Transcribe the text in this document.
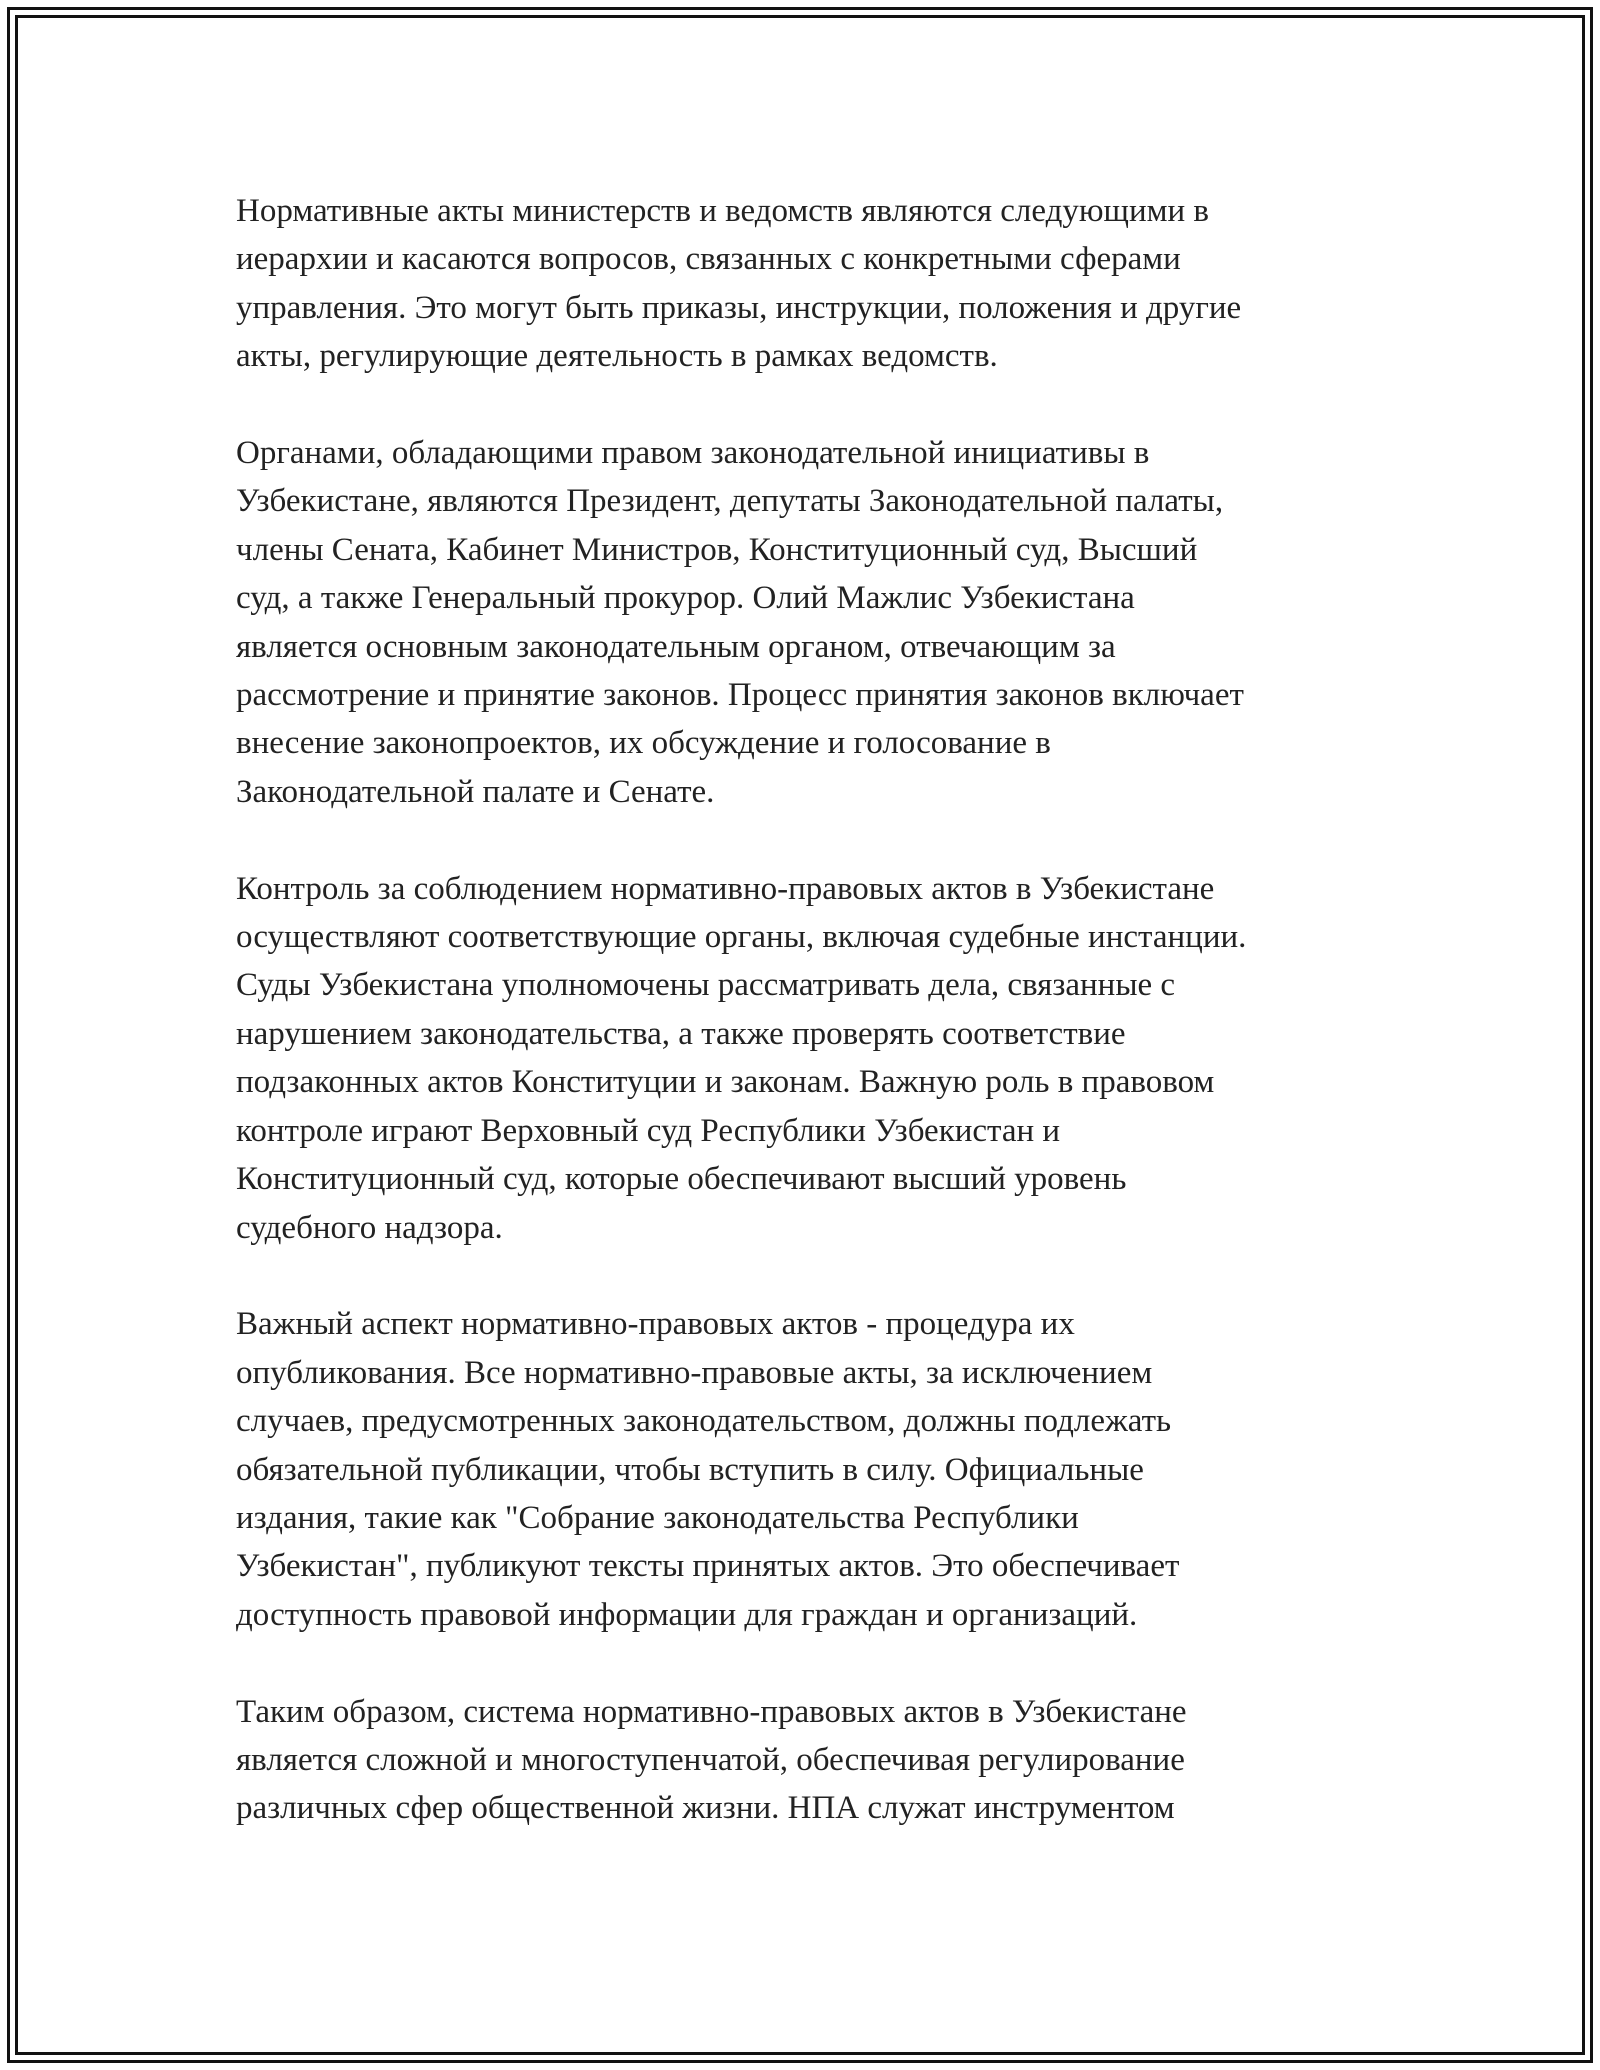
Нормативные акты министерств и ведомств являются следующими в
иерархии и касаются вопросов, связанных с конкретными сферами
управления. Это могут быть приказы, инструкции, положения и другие
акты, регулирующие деятельность в рамках ведомств.

Органами, обладающими правом законодательной инициативы в
Узбекистане, являются Президент, депутаты Законодательной палаты,
члены Сената, Кабинет Министров, Конституционный суд, Высший
суд, а также Генеральный прокурор. Олий Мажлис Узбекистана
является основным законодательным органом, отвечающим за
рассмотрение и принятие законов. Процесс принятия законов включает
внесение законопроектов, их обсуждение и голосование в
Законодательной палате и Сенате.

Контроль за соблюдением нормативно-правовых актов в Узбекистане
осуществляют соответствующие органы, включая судебные инстанции.
Суды Узбекистана уполномочены рассматривать дела, связанные с
нарушением законодательства, а также проверять соответствие
подзаконных актов Конституции и законам. Важную роль в правовом
контроле играют Верховный суд Республики Узбекистан и
Конституционный суд, которые обеспечивают высший уровень
судебного надзора.

Важный аспект нормативно-правовых актов - процедура их
опубликования. Все нормативно-правовые акты, за исключением
случаев, предусмотренных законодательством, должны подлежать
обязательной публикации, чтобы вступить в силу. Официальные
издания, такие как "Собрание законодательства Республики
Узбекистан", публикуют тексты принятых актов. Это обеспечивает
доступность правовой информации для граждан и организаций.

Таким образом, система нормативно-правовых актов в Узбекистане
является сложной и многоступенчатой, обеспечивая регулирование
различных сфер общественной жизни. НПА служат инструментом
